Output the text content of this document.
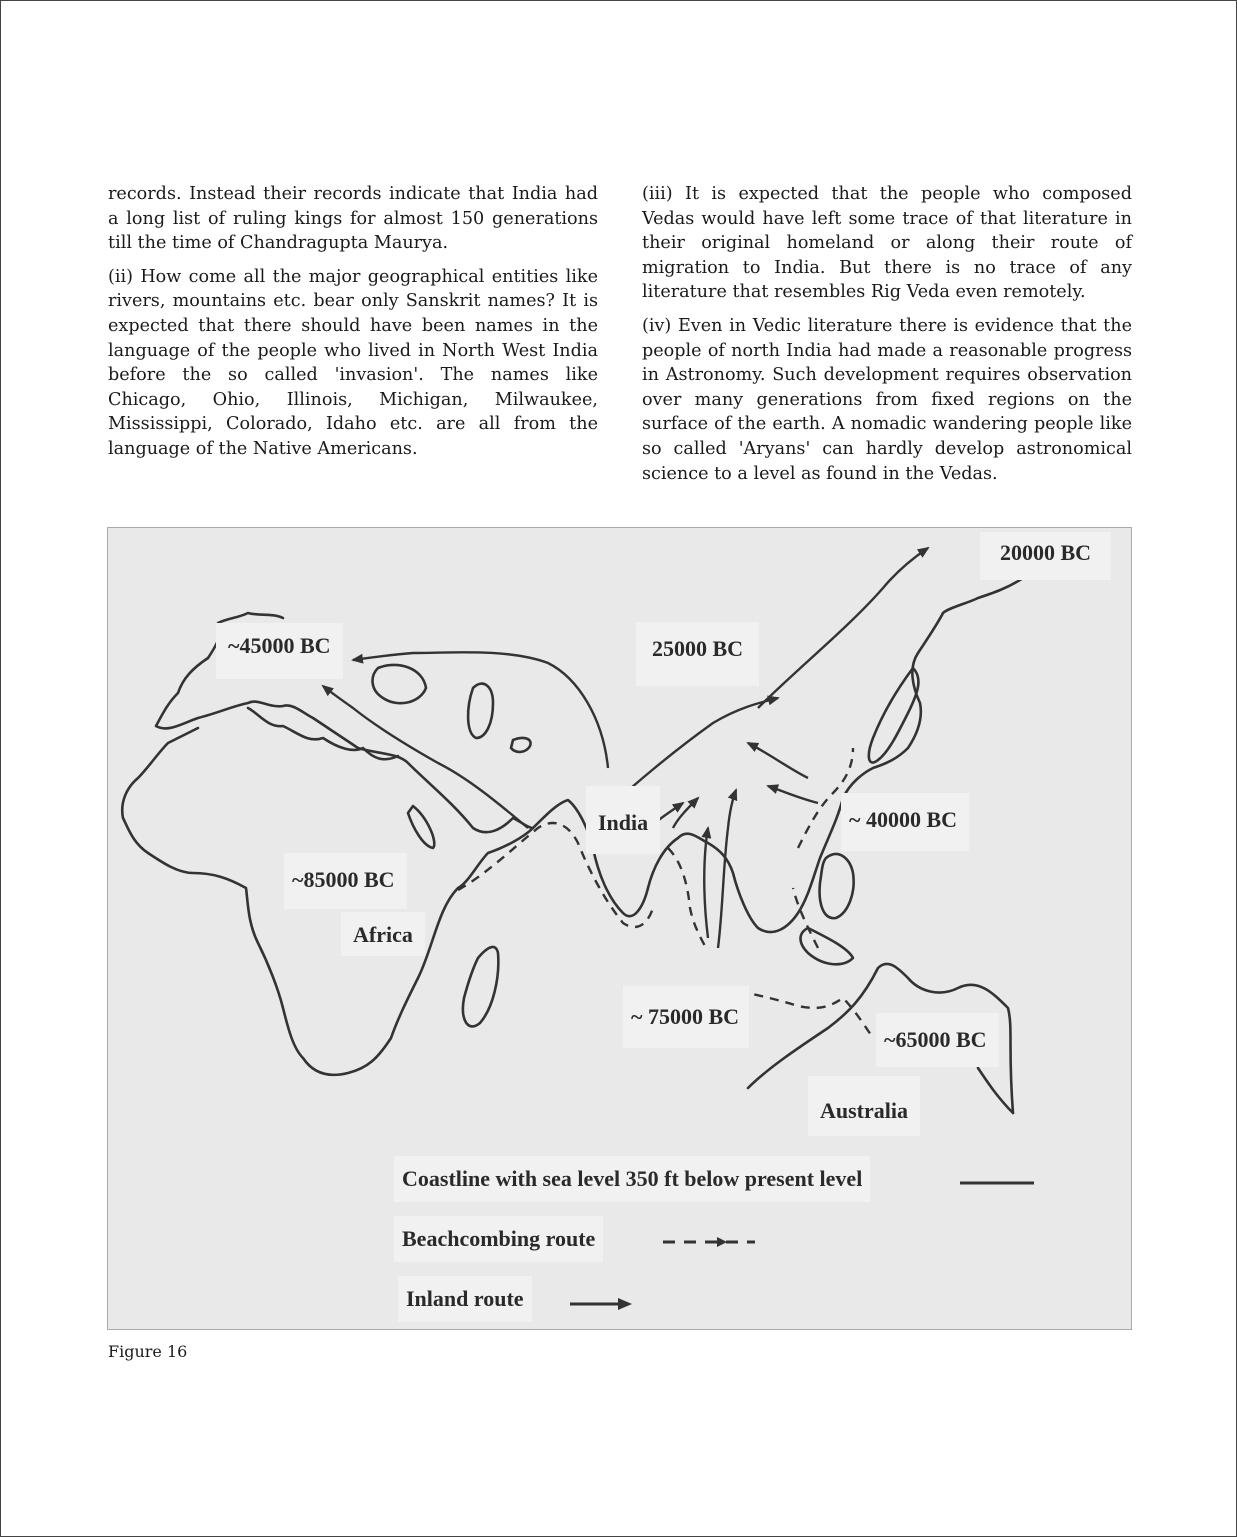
records. Instead their records indicate that India had a long list of ruling kings for almost 150 generations till the time of Chandragupta Maurya.

(ii) How come all the major geographical entities like rivers, mountains etc. bear only Sanskrit names? It is expected that there should have been names in the language of the people who lived in North West India before the so called 'invasion'. The names like Chicago, Ohio, Illinois, Michigan, Milwaukee, Mississippi, Colorado, Idaho etc. are all from the language of the Native Americans.

(iii) It is expected that the people who composed Vedas would have left some trace of that literature in their original homeland or along their route of migration to India. But there is no trace of any literature that resembles Rig Veda even remotely.

(iv) Even in Vedic literature there is evidence that the people of north India had made a reasonable progress in Astronomy. Such development requires observation over many generations from fixed regions on the surface of the earth. A nomadic wandering people like so called 'Aryans' can hardly develop astronomical science to a level as found in the Vedas.

20000 BC
~45000 BC	25000 BC
India	~ 40000 BC
~85000 BC
Africa
~ 75000 BC
~65000 BC
Australia
Coastline with sea level 350 ft below present level
Beachcombing route
Inland route
Figure 16
